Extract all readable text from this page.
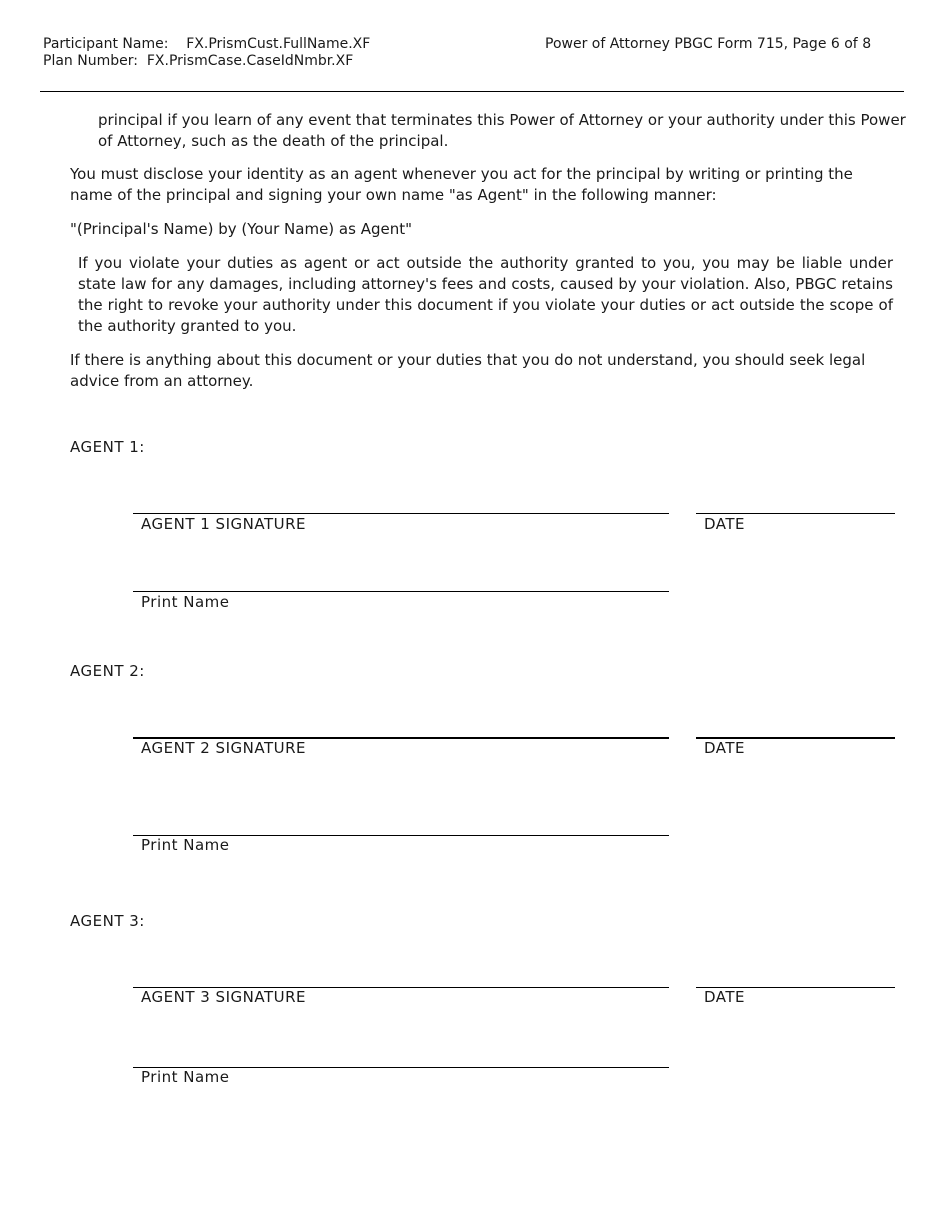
Participant Name: FX.PrismCust.FullName.XF
Plan Number: FX.PrismCase.CaseIdNmbr.XF
Power of Attorney PBGC Form 715, Page 6 of 8

principal if you learn of any event that terminates this Power of Attorney or your authority under this Power of Attorney, such as the death of the principal.

You must disclose your identity as an agent whenever you act for the principal by writing or printing the name of the principal and signing your own name "as Agent" in the following manner:

"(Principal's Name) by (Your Name) as Agent"

If you violate your duties as agent or act outside the authority granted to you, you may be liable under state law for any damages, including attorney's fees and costs, caused by your violation. Also, PBGC retains the right to revoke your authority under this document if you violate your duties or act outside the scope of the authority granted to you.

If there is anything about this document or your duties that you do not understand, you should seek legal advice from an attorney.

AGENT 1:
AGENT 1 SIGNATURE	DATE
Print Name
AGENT 2:
AGENT 2 SIGNATURE	DATE
Print Name
AGENT 3:
AGENT 3 SIGNATURE	DATE
Print Name
